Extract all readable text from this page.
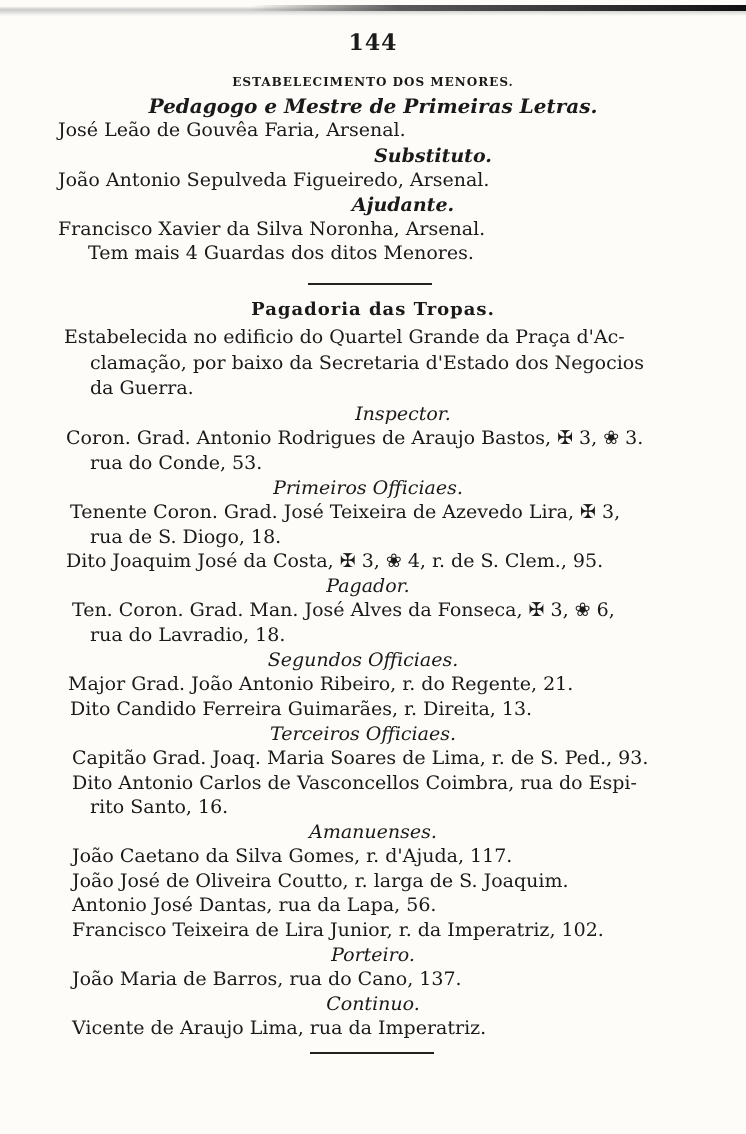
144
ESTABELECIMENTO DOS MENORES.
Pedagogo e Mestre de Primeiras Letras.
José Leão de Gouvêa Faria, Arsenal.
Substituto.
João Antonio Sepulveda Figueiredo, Arsenal.
Ajudante.
Francisco Xavier da Silva Noronha, Arsenal.
Tem mais 4 Guardas dos ditos Menores.
Pagadoria das Tropas.
Estabelecida no edificio do Quartel Grande da Praça d'Ac-
clamação, por baixo da Secretaria d'Estado dos Negocios
da Guerra.
Inspector.
Coron. Grad. Antonio Rodrigues de Araujo Bastos, ✠ 3, ❀ 3.
rua do Conde, 53.
Primeiros Officiaes.
Tenente Coron. Grad. José Teixeira de Azevedo Lira, ✠ 3,
rua de S. Diogo, 18.
Dito Joaquim José da Costa, ✠ 3, ❀ 4, r. de S. Clem., 95.
Pagador.
Ten. Coron. Grad. Man. José Alves da Fonseca, ✠ 3, ❀ 6,
rua do Lavradio, 18.
Segundos Officiaes.
Major Grad. João Antonio Ribeiro, r. do Regente, 21.
Dito Candido Ferreira Guimarães, r. Direita, 13.
Terceiros Officiaes.
Capitão Grad. Joaq. Maria Soares de Lima, r. de S. Ped., 93.
Dito Antonio Carlos de Vasconcellos Coimbra, rua do Espi-
rito Santo, 16.
Amanuenses.
João Caetano da Silva Gomes, r. d'Ajuda, 117.
João José de Oliveira Coutto, r. larga de S. Joaquim.
Antonio José Dantas, rua da Lapa, 56.
Francisco Teixeira de Lira Junior, r. da Imperatriz, 102.
Porteiro.
João Maria de Barros, rua do Cano, 137.
Continuo.
Vicente de Araujo Lima, rua da Imperatriz.
